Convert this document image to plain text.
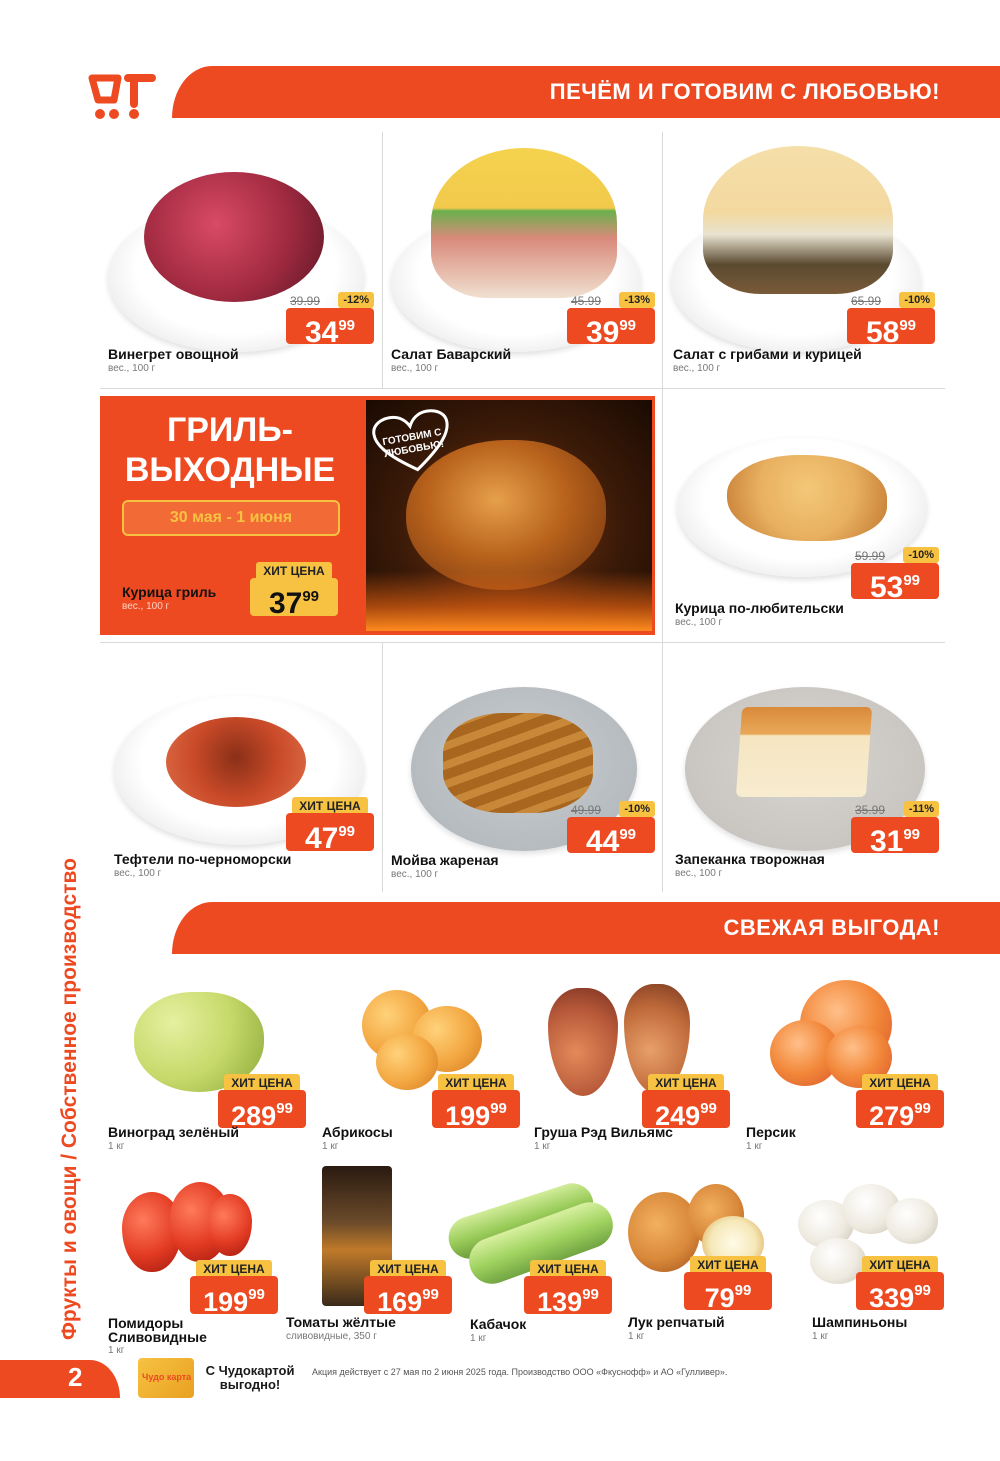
ПЕЧЁМ И ГОТОВИМ С ЛЮБОВЬЮ!
Фрукты и овощи / Собственное производство
39.99	-12%
$34^{99}$
Винегрет овощной
вес., 100 г
45.99	-13%
$39^{99}$
Салат Баварский
вес., 100 г
65.99	-10%
$58^{99}$
Салат с грибами и курицей
вес., 100 г
ГРИЛЬ-ВЫХОДНЫЕ
30 мая - 1 июня
Курица гриль
вес., 100 г
ХИТ ЦЕНА
$37^{99}$
ГОТОВИМ С ЛЮБОВЬЮ!
59.99	-10%
$53^{99}$
Курица по-любительски
вес., 100 г
ХИТ ЦЕНА
$47^{99}$
Тефтели по-черноморски
вес., 100 г
49.99	-10%
$44^{99}$
Мойва жареная
вес., 100 г
35.99	-11%
$31^{99}$
Запеканка творожная
вес., 100 г
СВЕЖАЯ ВЫГОДА!
ХИТ ЦЕНА
$289^{99}$
Виноград зелёный
1 кг
ХИТ ЦЕНА
$199^{99}$
Абрикосы
1 кг
ХИТ ЦЕНА
$249^{99}$
Груша Рэд Вильямс
1 кг
ХИТ ЦЕНА
$279^{99}$
Персик
1 кг
ХИТ ЦЕНА
$199^{99}$
Помидоры Сливовидные
1 кг
ХИТ ЦЕНА
$169^{99}$
Томаты жёлтые
сливовидные, 350 г
ХИТ ЦЕНА
$139^{99}$
Кабачок
1 кг
ХИТ ЦЕНА
$79^{99}$
Лук репчатый
1 кг
ХИТ ЦЕНА
$339^{99}$
Шампиньоны
1 кг
2	Чудо карта	С Чудокартой выгодно!
Акция действует с 27 мая по 2 июня 2025 года. Производство ООО «Фкуснофф» и АО «Гулливер».
